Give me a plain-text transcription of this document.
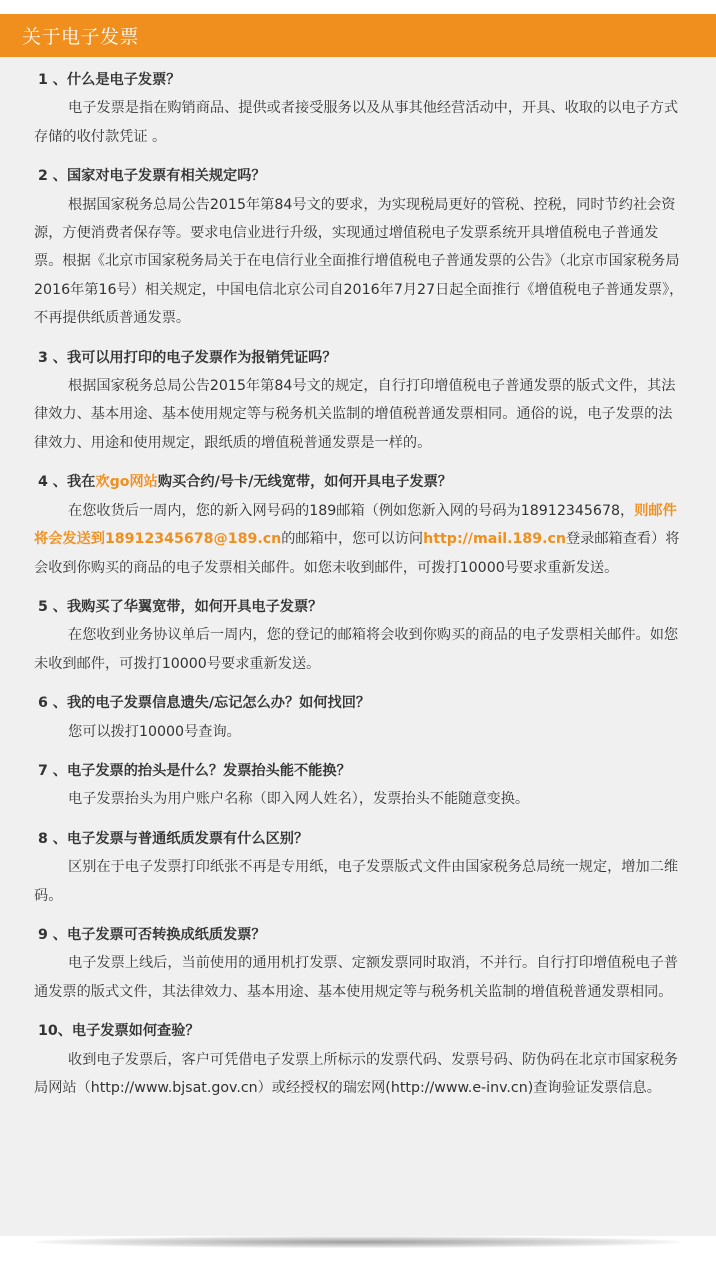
关于电子发票
1 、什么是电子发票？

电子发票是指在购销商品、提供或者接受服务以及从事其他经营活动中，开具、收取的以电子方式存储的收付款凭证 。

2 、国家对电子发票有相关规定吗？

根据国家税务总局公告2015年第84号文的要求，为实现税局更好的管税、控税，同时节约社会资源，方便消费者保存等。要求电信业进行升级，实现通过增值税电子发票系统开具增值税电子普通发票。根据《北京市国家税务局关于在电信行业全面推行增值税电子普通发票的公告》（北京市国家税务局2016年第16号）相关规定，中国电信北京公司自2016年7月27日起全面推行《增值税电子普通发票》，不再提供纸质普通发票。

3 、我可以用打印的电子发票作为报销凭证吗？

根据国家税务总局公告2015年第84号文的规定，自行打印增值税电子普通发票的版式文件，其法律效力、基本用途、基本使用规定等与税务机关监制的增值税普通发票相同。通俗的说，电子发票的法律效力、用途和使用规定，跟纸质的增值税普通发票是一样的。

4 、我在欢go网站购买合约/号卡/无线宽带，如何开具电子发票？

在您收货后一周内，您的新入网号码的189邮箱（例如您新入网的号码为18912345678，则邮件将会发送到18912345678@189.cn的邮箱中，您可以访问http://mail.189.cn登录邮箱查看）将会收到你购买的商品的电子发票相关邮件。如您未收到邮件，可拨打10000号要求重新发送。

5 、我购买了华翼宽带，如何开具电子发票？

在您收到业务协议单后一周内，您的登记的邮箱将会收到你购买的商品的电子发票相关邮件。如您未收到邮件，可拨打10000号要求重新发送。

6 、我的电子发票信息遗失/忘记怎么办？如何找回？

您可以拨打10000号查询。

7 、电子发票的抬头是什么？发票抬头能不能换？

电子发票抬头为用户账户名称（即入网人姓名），发票抬头不能随意变换。

8 、电子发票与普通纸质发票有什么区别？

区别在于电子发票打印纸张不再是专用纸，电子发票版式文件由国家税务总局统一规定，增加二维码。

9 、电子发票可否转换成纸质发票？

电子发票上线后，当前使用的通用机打发票、定额发票同时取消，不并行。自行打印增值税电子普通发票的版式文件，其法律效力、基本用途、基本使用规定等与税务机关监制的增值税普通发票相同。

10、电子发票如何查验？

收到电子发票后，客户可凭借电子发票上所标示的发票代码、发票号码、防伪码在北京市国家税务局网站（http://www.bjsat.gov.cn）或经授权的瑞宏网(http://www.e-inv.cn)查询验证发票信息。
